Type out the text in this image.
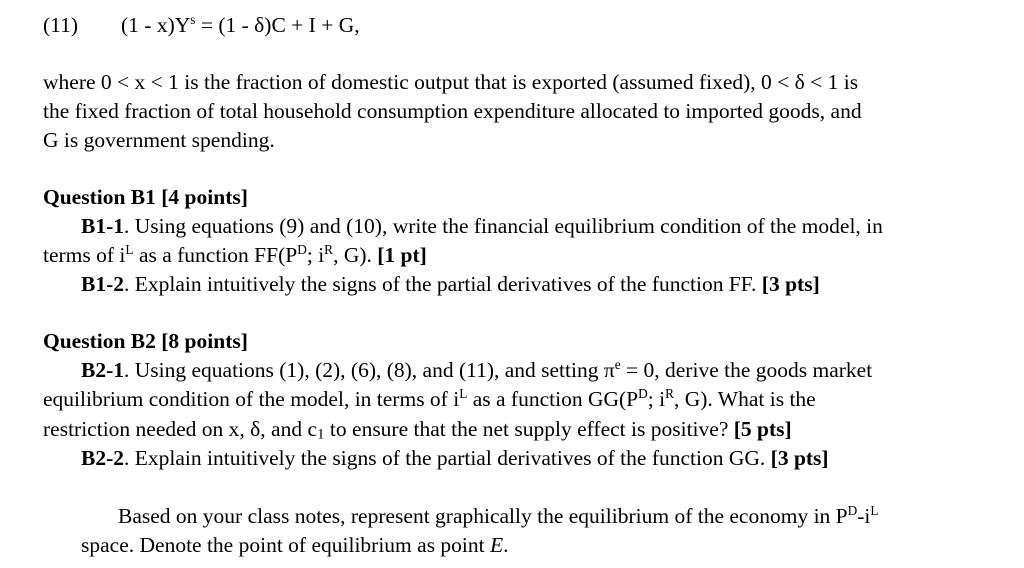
(11) $(1 - x)Y^s = (1 - \delta)C + I + G$,
where 0 < x < 1 is the fraction of domestic output that is exported (assumed fixed), 0 < δ < 1 is
the fixed fraction of total household consumption expenditure allocated to imported goods, and
G is government spending.
Question B1 [4 points]
B1-1. Using equations (9) and (10), write the financial equilibrium condition of the model, in
terms of $i^L$ as a function $FF(P^D$; $i^R$, G). [1 pt]
B1-2. Explain intuitively the signs of the partial derivatives of the function FF. [3 pts]
Question B2 [8 points]
B2-1. Using equations (1), (2), (6), (8), and (11), and setting $\pi^e = 0$, derive the goods market
equilibrium condition of the model, in terms of $i^L$ as a function $GG(P^D$; $i^R$, G). What is the
restriction needed on x, δ, and $c_1$ to ensure that the net supply effect is positive? [5 pts]
B2-2. Explain intuitively the signs of the partial derivatives of the function GG. [3 pts]
Based on your class notes, represent graphically the equilibrium of the economy in $P^D-i^L$
space. Denote the point of equilibrium as point E.
